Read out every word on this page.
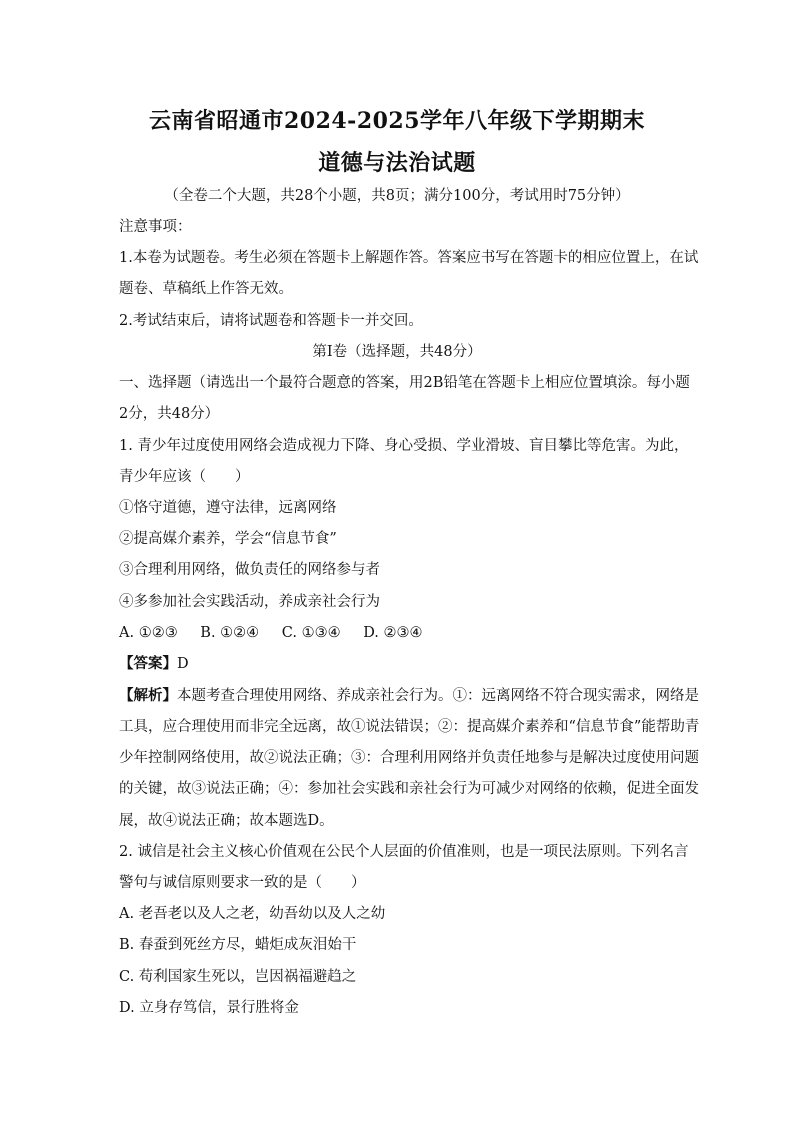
云南省昭通市2024-2025学年八年级下学期期末
道德与法治试题
（全卷二个大题，共28个小题，共8页；满分100分，考试用时75分钟）
注意事项：
1.本卷为试题卷。考生必须在答题卡上解题作答。答案应书写在答题卡的相应位置上，在试
题卷、草稿纸上作答无效。
2.考试结束后，请将试题卷和答题卡一并交回。
第Ⅰ卷（选择题，共48分）
一、选择题（请选出一个最符合题意的答案，用2B铅笔在答题卡上相应位置填涂。每小题
2分，共48分）
1. 青少年过度使用网络会造成视力下降、身心受损、学业滑坡、盲目攀比等危害。为此，
青少年应该（　　）
①恪守道德，遵守法律，远离网络
②提高媒介素养，学会“信息节食”
③合理利用网络，做负责任的网络参与者
④多参加社会实践活动，养成亲社会行为
A. ①②③ B. ①②④ C. ①③④ D. ②③④
【答案】D
【解析】本题考查合理使用网络、养成亲社会行为。①：远离网络不符合现实需求，网络是
工具，应合理使用而非完全远离，故①说法错误；②：提高媒介素养和“信息节食”能帮助青
少年控制网络使用，故②说法正确；③：合理利用网络并负责任地参与是解决过度使用问题
的关键，故③说法正确；④：参加社会实践和亲社会行为可减少对网络的依赖，促进全面发
展，故④说法正确；故本题选D。
2. 诚信是社会主义核心价值观在公民个人层面的价值准则，也是一项民法原则。下列名言
警句与诚信原则要求一致的是（　　）
A. 老吾老以及人之老，幼吾幼以及人之幼
B. 春蚕到死丝方尽，蜡炬成灰泪始干
C. 苟利国家生死以，岂因祸福避趋之
D. 立身存笃信，景行胜将金
